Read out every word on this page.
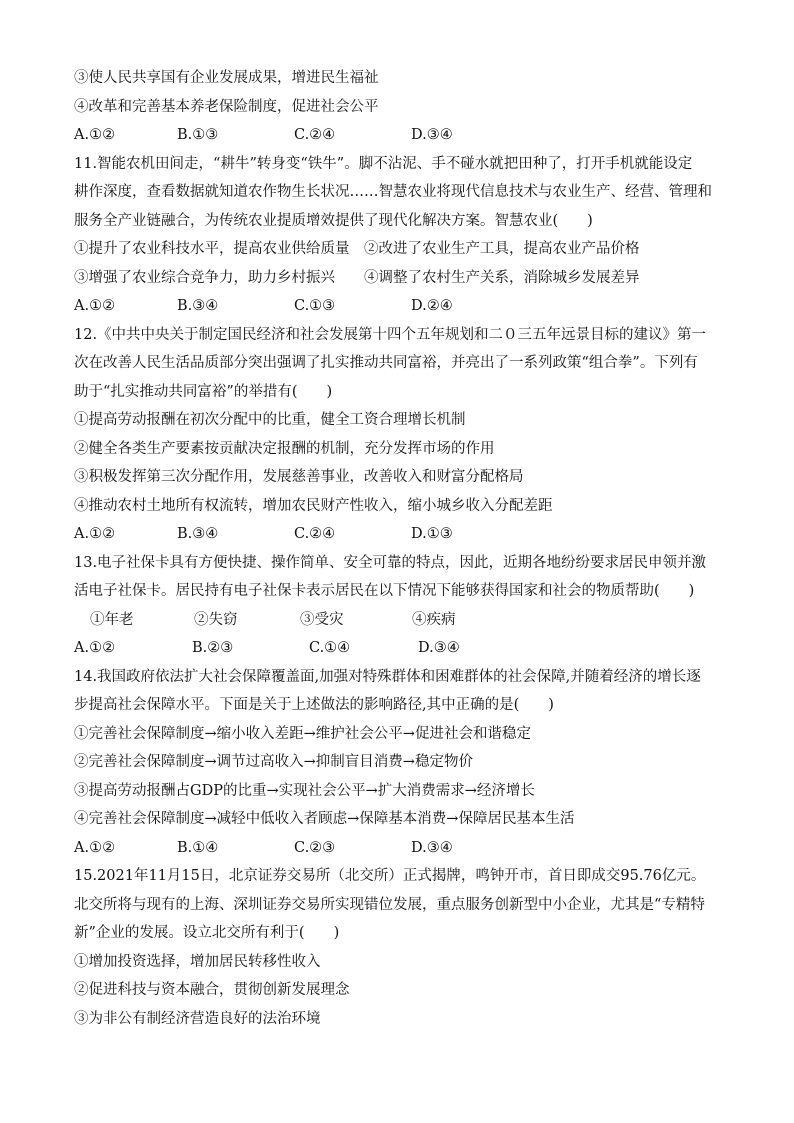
③使人民共享国有企业发展成果，增进民生福祉
④改革和完善基本养老保险制度，促进社会公平
A.①②	B.①③	C.②④	D.③④
11.智能农机田间走，“耕牛”转身变“铁牛”。脚不沾泥、手不碰水就把田种了，打开手机就能设定
耕作深度，查看数据就知道农作物生长状况……智慧农业将现代信息技术与农业生产、经营、管理和
服务全产业链融合，为传统农业提质增效提供了现代化解决方案。智慧农业(　　)
①提升了农业科技水平，提高农业供给质量　②改进了农业生产工具，提高农业产品价格
③增强了农业综合竞争力，助力乡村振兴　　④调整了农村生产关系，消除城乡发展差异
A.①②	B.③④	C.①③	D.②④
12.《中共中央关于制定国民经济和社会发展第十四个五年规划和二０三五年远景目标的建议》第一
次在改善人民生活品质部分突出强调了扎实推动共同富裕，并亮出了一系列政策“组合拳”。下列有
助于“扎实推动共同富裕”的举措有(　　)
①提高劳动报酬在初次分配中的比重，健全工资合理增长机制
②健全各类生产要素按贡献决定报酬的机制，充分发挥市场的作用
③积极发挥第三次分配作用，发展慈善事业，改善收入和财富分配格局
④推动农村土地所有权流转，增加农民财产性收入，缩小城乡收入分配差距
A.①②	B.③④	C.②④	D.①③
13.电子社保卡具有方便快捷、操作简单、安全可靠的特点，因此，近期各地纷纷要求居民申领并激
活电子社保卡。居民持有电子社保卡表示居民在以下情况下能够获得国家和社会的物质帮助(　　)
①年老	②失窃	③受灾	④疾病
A.①②	B.②③	C.①④	D.③④
14.我国政府依法扩大社会保障覆盖面,加强对特殊群体和困难群体的社会保障,并随着经济的增长逐
步提高社会保障水平。下面是关于上述做法的影响路径,其中正确的是(　　)
①完善社会保障制度→缩小收入差距→维护社会公平→促进社会和谐稳定
②完善社会保障制度→调节过高收入→抑制盲目消费→稳定物价
③提高劳动报酬占GDP的比重→实现社会公平→扩大消费需求→经济增长
④完善社会保障制度→减轻中低收入者顾虑→保障基本消费→保障居民基本生活
A.①②	B.①④	C.②③	D.③④
15.2021年11月15日，北京证券交易所（北交所）正式揭牌，鸣钟开市，首日即成交95.76亿元。
北交所将与现有的上海、深圳证券交易所实现错位发展，重点服务创新型中小企业，尤其是“专精特
新”企业的发展。设立北交所有利于(　　)
①增加投资选择，增加居民转移性收入
②促进科技与资本融合，贯彻创新发展理念
③为非公有制经济营造良好的法治环境
